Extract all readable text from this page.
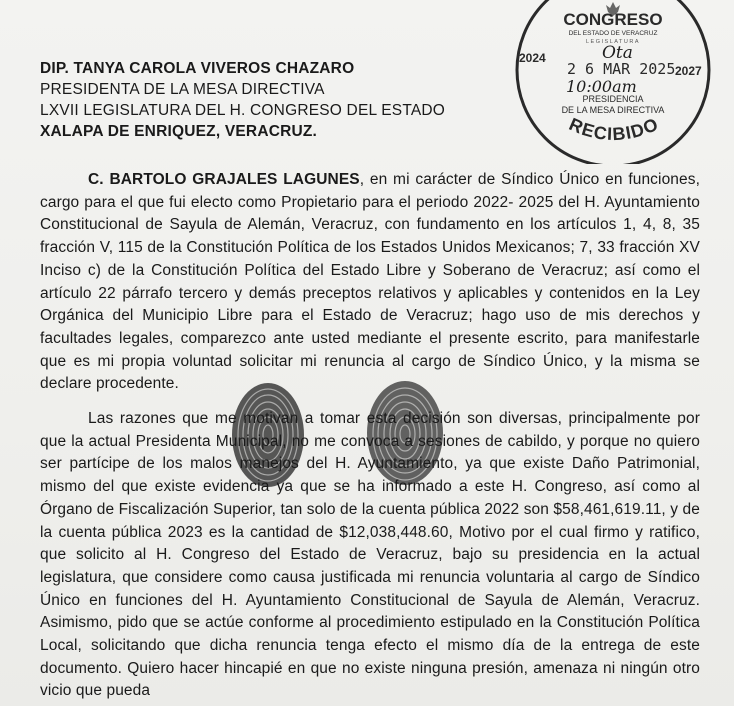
DIP. TANYA CAROLA VIVEROS CHAZARO
PRESIDENTA DE LA MESA DIRECTIVA
LXVII LEGISLATURA DEL H. CONGRESO DEL ESTADO
XALAPA DE ENRIQUEZ, VERACRUZ.
CONGRESO
DEL ESTADO DE VERACRUZ
LEGISLATURA
2024
2027
Ota
2 6 MAR 2025
10:00am
PRESIDENCIA
DE LA MESA DIRECTIVA
RECIBIDO

C. BARTOLO GRAJALES LAGUNES, en mi carácter de Síndico Único en funciones, cargo para el que fui electo como Propietario para el periodo 2022- 2025 del H. Ayuntamiento Constitucional de Sayula de Alemán, Veracruz, con fundamento en los artículos 1, 4, 8, 35 fracción V, 115 de la Constitución Política de los Estados Unidos Mexicanos; 7, 33 fracción XV Inciso c) de la Constitución Política del Estado Libre y Soberano de Veracruz; así como el artículo 22 párrafo tercero y demás preceptos relativos y aplicables y contenidos en la Ley Orgánica del Municipio Libre para el Estado de Veracruz; hago uso de mis derechos y facultades legales, comparezco ante usted mediante el presente escrito, para manifestarle que es mi propia voluntad solicitar mi renuncia al cargo de Síndico Único, y la misma se declare procedente.

Las razones que me motivan a tomar esta decisión son diversas, principalmente por que la actual Presidenta Municipal, no me convoca a sesiones de cabildo, y porque no quiero ser partícipe de los malos manejos del H. Ayuntamiento, ya que existe Daño Patrimonial, mismo del que existe evidencia ya que se ha informado a este H. Congreso, así como al Órgano de Fiscalización Superior, tan solo de la cuenta pública 2022 son $58,461,619.11, y de la cuenta pública 2023 es la cantidad de $12,038,448.60, Motivo por el cual firmo y ratifico, que solicito al H. Congreso del Estado de Veracruz, bajo su presidencia en la actual legislatura, que considere como causa justificada mi renuncia voluntaria al cargo de Síndico Único en funciones del H. Ayuntamiento Constitucional de Sayula de Alemán, Veracruz. Asimismo, pido que se actúe conforme al procedimiento estipulado en la Constitución Política Local, solicitando que dicha renuncia tenga efecto el mismo día de la entrega de este documento. Quiero hacer hincapié en que no existe ninguna presión, amenaza ni ningún otro vicio que pueda
